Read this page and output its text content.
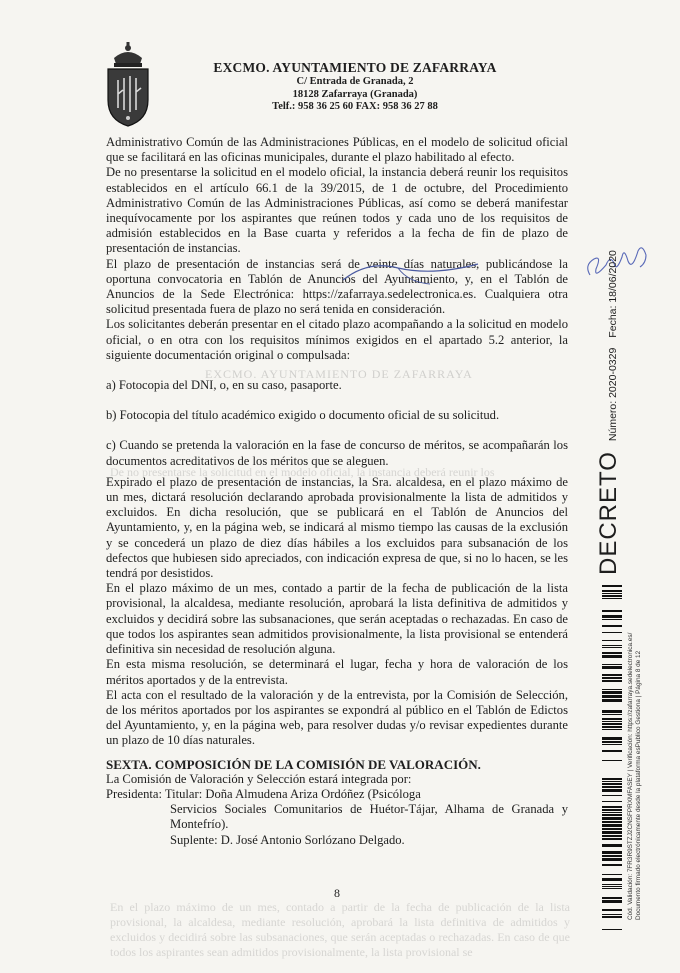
EXCMO. AYUNTAMIENTO DE ZAFARRAYA
C/ Entrada de Granada, 2
18128 Zafarraya (Granada)
Telf.: 958 36 25 60 FAX: 958 36 27 88
EXCMO. AYUNTAMIENTO DE ZAFARRAYA
De no presentarse la solicitud en el modelo oficial, la instancia deberá reunir los
En el plazo máximo de un mes, contado a partir de la fecha de publicación de la lista provisional, la alcaldesa, mediante resolución, aprobará la lista definitiva de admitidos y excluidos y decidirá sobre las subsanaciones, que serán aceptadas o rechazadas. En caso de que todos los aspirantes sean admitidos provisionalmente, la lista provisional se

Administrativo Común de las Administraciones Públicas, en el modelo de solicitud oficial que se facilitará en las oficinas municipales, durante el plazo habilitado al efecto.

De no presentarse la solicitud en el modelo oficial, la instancia deberá reunir los requisitos establecidos en el artículo 66.1 de la 39/2015, de 1 de octubre, del Procedimiento Administrativo Común de las Administraciones Públicas, así como se deberá manifestar inequívocamente por los aspirantes que reúnen todos y cada uno de los requisitos de admisión establecidos en la Base cuarta y referidos a la fecha de fin de plazo de presentación de instancias.

El plazo de presentación de instancias será de veinte días naturales, publicándose la oportuna convocatoria en Tablón de Anuncios del Ayuntamiento, y, en el Tablón de Anuncios de la Sede Electrónica: https://zafarraya.sedelectronica.es. Cualquiera otra solicitud presentada fuera de plazo no será tenida en consideración.

Los solicitantes deberán presentar en el citado plazo acompañando a la solicitud en modelo oficial, o en otra con los requisitos mínimos exigidos en el apartado 5.2 anterior, la siguiente documentación original o compulsada:

a) Fotocopia del DNI, o, en su caso, pasaporte.

b) Fotocopia del título académico exigido o documento oficial de su solicitud.

c) Cuando se pretenda la valoración en la fase de concurso de méritos, se acompañarán los documentos acreditativos de los méritos que se aleguen.

Expirado el plazo de presentación de instancias, la Sra. alcaldesa, en el plazo máximo de un mes, dictará resolución declarando aprobada provisionalmente la lista de admitidos y excluidos. En dicha resolución, que se publicará en el Tablón de Anuncios del Ayuntamiento, y, en la página web, se indicará al mismo tiempo las causas de la exclusión y se concederá un plazo de diez días hábiles a los excluidos para subsanación de los defectos que hubiesen sido apreciados, con indicación expresa de que, si no lo hacen, se les tendrá por desistidos.

En el plazo máximo de un mes, contado a partir de la fecha de publicación de la lista provisional, la alcaldesa, mediante resolución, aprobará la lista definitiva de admitidos y excluidos y decidirá sobre las subsanaciones, que serán aceptadas o rechazadas. En caso de que todos los aspirantes sean admitidos provisionalmente, la lista provisional se entenderá definitiva sin necesidad de resolución alguna.

En esta misma resolución, se determinará el lugar, fecha y hora de valoración de los méritos aportados y de la entrevista.

El acta con el resultado de la valoración y de la entrevista, por la Comisión de Selección, de los méritos aportados por los aspirantes se expondrá al público en el Tablón de Edictos del Ayuntamiento, y, en la página web, para resolver dudas y/o revisar expedientes durante un plazo de 10 días naturales.

SEXTA. COMPOSICIÓN DE LA COMISIÓN DE VALORACIÓN.

La Comisión de Valoración y Selección estará integrada por:

Presidenta: Titular: Doña Almudena Ariza Ordóñez (Psicóloga

Servicios Sociales Comunitarios de Huétor-Tájar, Alhama de Granada y Montefrío).

Suplente: D. José Antonio Sorlózano Delgado.

8
DECRETO Número: 2020-0329 Fecha: 18/06/2020
Cód. Validación: 7FR3R9STZJ2CNSFPRXMFASEY | Verificación: https://zafarraya.sedelectronica.es/ Documento firmado electrónicamente desde la plataforma esPublico Gestiona | Página 8 de 12
